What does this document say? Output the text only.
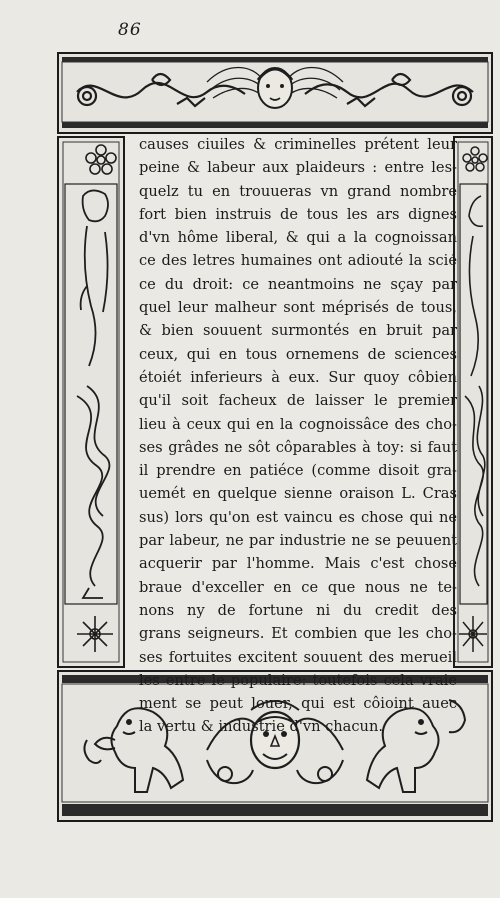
86
causes ciuiles & criminelles prétent leur
peine & labeur aux plaideurs : entre les-
quelz tu en trouueras vn grand nombre
fort bien instruis de tous les ars dignes
d'vn hôme liberal, & qui a la cognoissan
ce des letres humaines ont adiouté la scié
ce du droit: ce neantmoins ne sçay par
quel leur malheur sont méprisés de tous,
& bien souuent surmontés en bruit par
ceux, qui en tous ornemens de sciences
étoiét inferieurs à eux. Sur quoy côbien
qu'il soit facheux de laisser le premier
lieu à ceux qui en la cognoissâce des cho-
ses grâdes ne sôt côparables à toy: si faut
il prendre en patiéce (comme disoit gra-
uemét en quelque sienne oraison L. Cras
sus) lors qu'on est vaincu es chose qui ne
par labeur, ne par industrie ne se peuuent
acquerir par l'homme. Mais c'est chose
braue d'exceller en ce que nous ne te-
nons ny de fortune ni du credit des
grans seigneurs. Et combien que les cho-
ses fortuites excitent souuent des merueil
les entre le populaire: toutefois cela vraie
ment se peut louer, qui est côioint auec
la vertu & industrie d'vn chacun.
